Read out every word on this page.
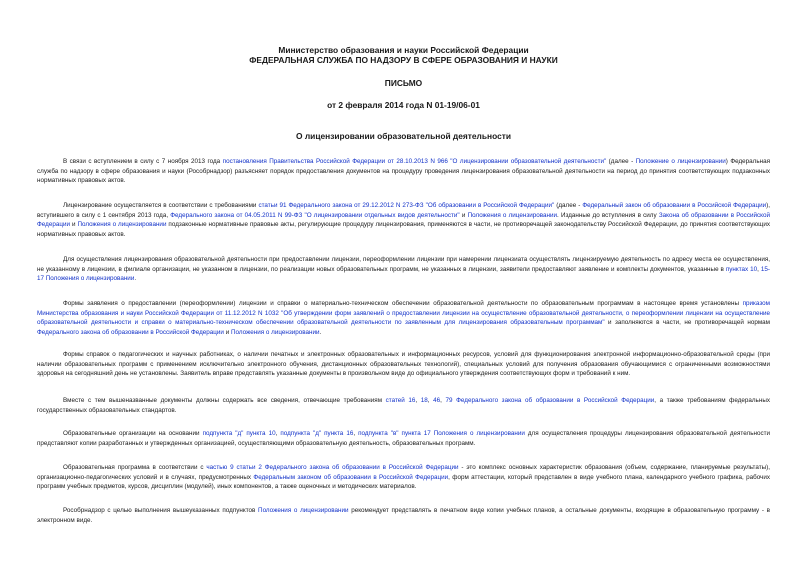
Министерство образования и науки Российской Федерации
ФЕДЕРАЛЬНАЯ СЛУЖБА ПО НАДЗОРУ В СФЕРЕ ОБРАЗОВАНИЯ И НАУКИ
ПИСЬМО
от 2 февраля 2014 года N 01-19/06-01
О лицензировании образовательной деятельности

В связи с вступлением в силу с 7 ноября 2013 года постановления Правительства Российской Федерации от 28.10.2013 N 966 "О лицензировании образовательной деятельности" (далее - Положение о лицензировании) Федеральная служба по надзору в сфере образования и науки (Рособрнадзор) разъясняет порядок предоставления документов на процедуру проведения лицензирования образовательной деятельности на период до принятия соответствующих подзаконных нормативных правовых актов.

Лицензирование осуществляется в соответствии с требованиями статьи 91 Федерального закона от 29.12.2012 N 273-ФЗ "Об образовании в Российской Федерации" (далее - Федеральный закон об образовании в Российской Федерации), вступившего в силу с 1 сентября 2013 года, Федерального закона от 04.05.2011 N 99-ФЗ "О лицензировании отдельных видов деятельности" и Положения о лицензировании. Изданные до вступления в силу Закона об образовании в Российской Федерации и Положения о лицензировании подзаконные нормативные правовые акты, регулирующие процедуру лицензирования, применяются в части, не противоречащей законодательству Российской Федерации, до принятия соответствующих нормативных правовых актов.

Для осуществления лицензирования образовательной деятельности при предоставлении лицензии, переоформлении лицензии при намерении лицензиата осуществлять лицензируемую деятельность по адресу места ее осуществления, не указанному в лицензии, в филиале организации, не указанном в лицензии, по реализации новых образовательных программ, не указанных в лицензии, заявители предоставляют заявление и комплекты документов, указанные в пунктах 10, 15-17 Положения о лицензировании.

Формы заявления о предоставлении (переоформлении) лицензии и справки о материально-техническом обеспечении образовательной деятельности по образовательным программам в настоящее время установлены приказом Министерства образования и науки Российской Федерации от 11.12.2012 N 1032 "Об утверждении форм заявлений о предоставлении лицензии на осуществление образовательной деятельности, о переоформлении лицензии на осуществление образовательной деятельности и справки о материально-техническом обеспечении образовательной деятельности по заявленным для лицензирования образовательным программам" и заполняются в части, не противоречащей нормам Федерального закона об образовании в Российской Федерации и Положения о лицензировании.

Формы справок о педагогических и научных работниках, о наличии печатных и электронных образовательных и информационных ресурсов, условий для функционирования электронной информационно-образовательной среды (при наличии образовательных программ с применением исключительно электронного обучения, дистанционных образовательных технологий), специальных условий для получения образования обучающимися с ограниченными возможностями здоровья на сегодняшний день не установлены. Заявитель вправе представлять указанные документы в произвольном виде до официального утверждения соответствующих форм и требований к ним.

Вместе с тем вышеназванные документы должны содержать все сведения, отвечающие требованиям статей 16, 18, 46, 79 Федерального закона об образовании в Российской Федерации, а также требованиям федеральных государственных образовательных стандартов.

Образовательные организации на основании подпункта "д" пункта 10, подпункта "д" пункта 16, подпункта "в" пункта 17 Положения о лицензировании для осуществления процедуры лицензирования образовательной деятельности представляют копии разработанных и утвержденных организацией, осуществляющими образовательную деятельность, образовательных программ.

Образовательная программа в соответствии с частью 9 статьи 2 Федерального закона об образовании в Российской Федерации - это комплекс основных характеристик образования (объем, содержание, планируемые результаты), организационно-педагогических условий и в случаях, предусмотренных Федеральным законом об образовании в Российской Федерации, форм аттестации, который представлен в виде учебного плана, календарного учебного графика, рабочих программ учебных предметов, курсов, дисциплин (модулей), иных компонентов, а также оценочных и методических материалов.

Рособрнадзор с целью выполнения вышеуказанных подпунктов Положения о лицензировании рекомендует представлять в печатном виде копии учебных планов, а остальные документы, входящие в образовательную программу - в электронном виде.
